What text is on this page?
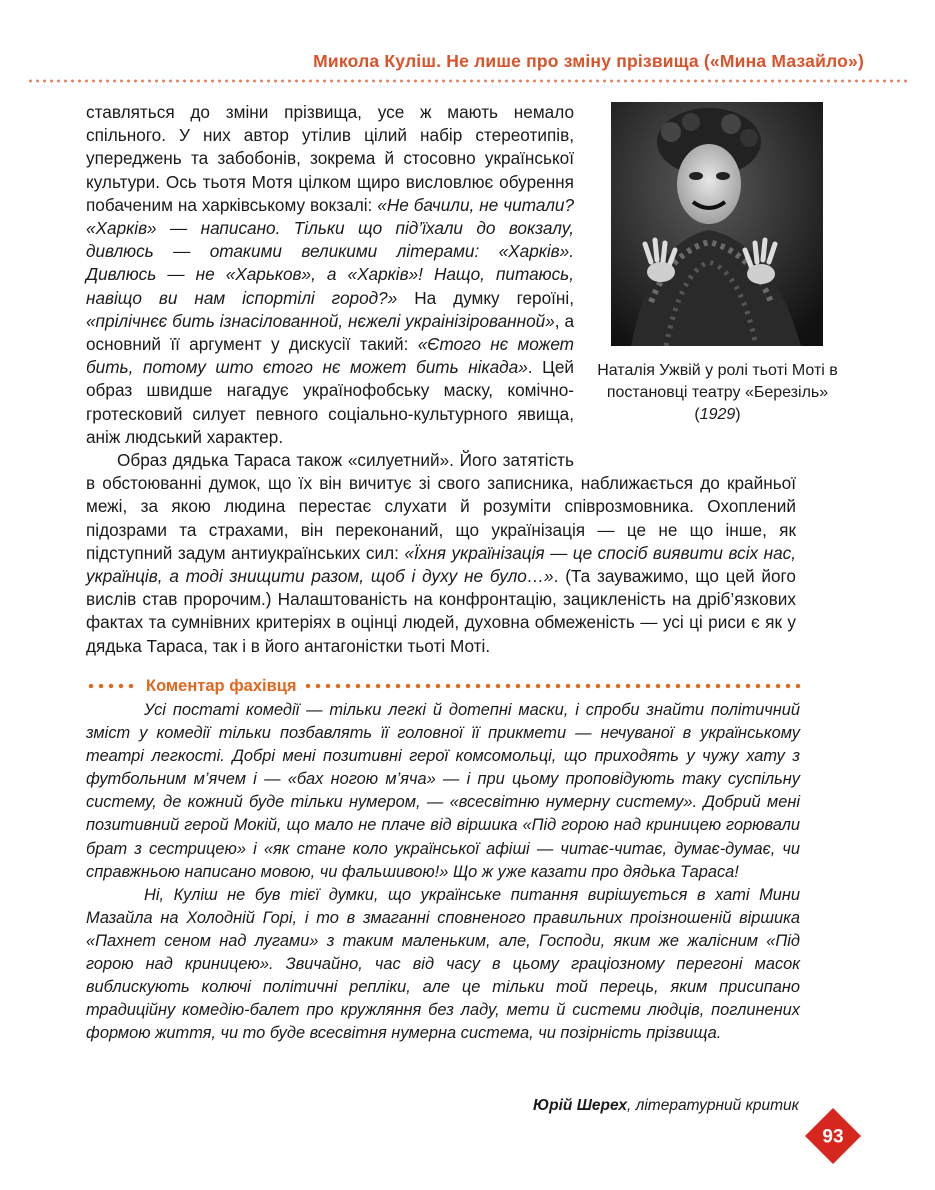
Микола Куліш. Не лише про зміну прізвища («Мина Мазайло»)
Наталія Ужвій у ролі тьоті Моті в постановці театру «Березіль» (1929)

ставляться до зміни прізвища, усе ж мають немало спільного. У них автор утілив цілий набір стереотипів, упереджень та забобонів, зокрема й стосовно української культури. Ось тьотя Мотя цілком щиро висловлює обурення побаченим на харківському вокзалі: «Не бачили, не читали? «Харків» — написано. Тільки що під’їхали до вокзалу, дивлюсь — отакими великими літерами: «Харків». Дивлюсь — не «Харьков», а «Харків»! Нащо, питаюсь, навіщо ви нам іспортілі город?» На думку героїні, «прілічнєє бить ізнасілованной, нєжелі украінізірованной», а основний її аргумент у дискусії такий: «Єтого нє может бить, потому што єтого нє может бить нікада». Цей образ швидше нагадує українофобську маску, комічно-гротесковий силует певного соціально-культурного явища, аніж людський характер.

Образ дядька Тараса також «силуетний». Його затятість в обстоюванні думок, що їх він вичитує зі свого записника, наближається до крайньої межі, за якою людина перестає слухати й розуміти співрозмовника. Охоплений підозрами та страхами, він переконаний, що українізація — це не що інше, як підступний задум антиукраїнських сил: «Їхня українізація — це спосіб виявити всіх нас, українців, а тоді знищити разом, щоб і духу не було…». (Та зауважимо, що цей його вислів став пророчим.) Налаштованість на конфронтацію, зацикленість на дріб’язкових фактах та сумнівних критеріях в оцінці людей, духовна обмеженість — усі ці риси є як у дядька Тараса, так і в його антагоністки тьоті Моті.

Коментар фахівця

Усі постаті комедії — тільки легкі й дотепні маски, і спроби знайти політичний зміст у комедії тільки позбавлять її головної її прикмети — нечуваної в українському театрі легкості. Добрі мені позитивні герої комсомольці, що приходять у чужу хату з футбольним м’ячем і — «бах ногою м’яча» — і при цьому проповідують таку суспільну систему, де кожний буде тільки нумером, — «всесвітню нумерну систему». Добрий мені позитивний герой Мокій, що мало не плаче від віршика «Під горою над криницею горювали брат з сестрицею» і «як стане коло української афіші — читає-читає, думає-думає, чи справжньою написано мовою, чи фальшивою!» Що ж уже казати про дядька Тараса!

Ні, Куліш не був тієї думки, що українське питання вирішується в хаті Мини Мазайла на Холодній Горі, і то в змаганні сповненого правильних проізношеній віршика «Пахнет сеном над лугами» з таким маленьким, але, Господи, яким же жалісним «Під горою над криницею». Звичайно, час від часу в цьому граціозному перегоні масок виблискують колючі політичні репліки, але це тільки той перець, яким присипано традиційну комедію-балет про кружляння без ладу, мети й системи людців, поглинених формою життя, чи то буде всесвітня нумерна система, чи позірність прізвища.

Юрій Шерех, літературний критик
93
